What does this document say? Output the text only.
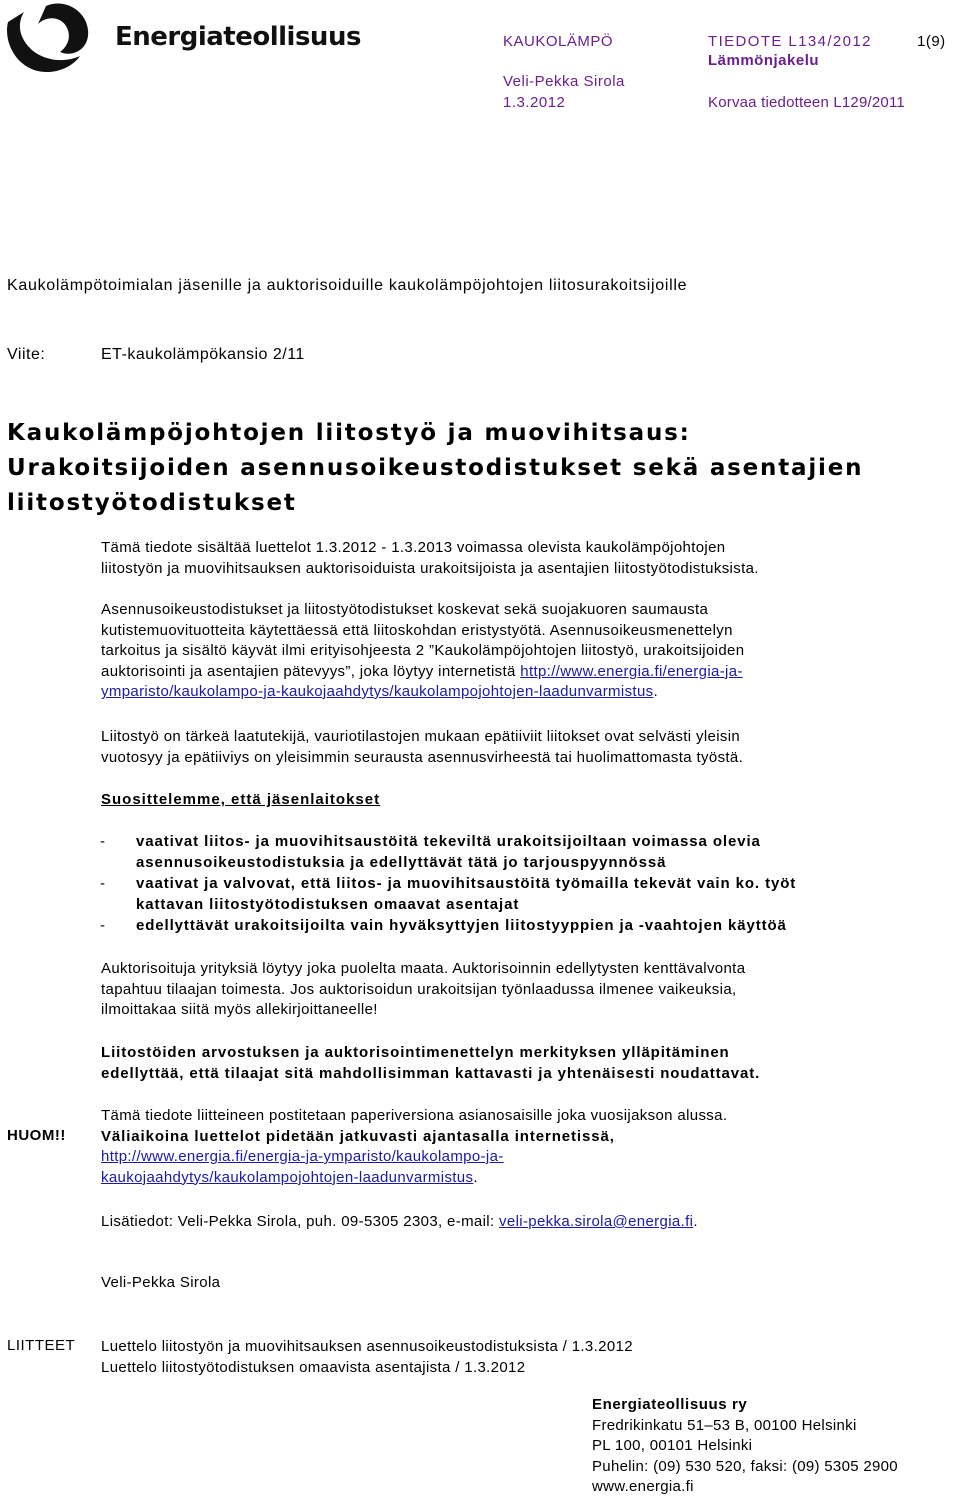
Energiateollisuus	KAUKOLÄMPÖ
Veli-Pekka Sirola
1.3.2012
TIEDOTE L134/2012	1(9)
Lämmönjakelu
Korvaa tiedotteen L129/2011
Kaukolämpötoimialan jäsenille ja auktorisoiduille kaukolämpöjohtojen liitosurakoitsijoille
Viite:	ET-kaukolämpökansio 2/11
Kaukolämpöjohtojen liitostyö ja muovihitsaus:
Urakoitsijoiden asennusoikeustodistukset sekä asentajien
liitostyötodistukset

Tämä tiedote sisältää luettelot 1.3.2012 - 1.3.2013 voimassa olevista kaukolämpöjohtojen

liitostyön ja muovihitsauksen auktorisoiduista urakoitsijoista ja asentajien liitostyötodistuksista.

Asennusoikeustodistukset ja liitostyötodistukset koskevat sekä suojakuoren saumausta

kutistemuovituotteita käytettäessä että liitoskohdan eristystyötä. Asennusoikeusmenettelyn

tarkoitus ja sisältö käyvät ilmi erityisohjeesta 2 ”Kaukolämpöjohtojen liitostyö, urakoitsijoiden

auktorisointi ja asentajien pätevyys”, joka löytyy internetistä http://www.energia.fi/energia-ja-

ymparisto/kaukolampo-ja-kaukojaahdytys/kaukolampojohtojen-laadunvarmistus.

Liitostyö on tärkeä laatutekijä, vauriotilastojen mukaan epätiiviit liitokset ovat selvästi yleisin

vuotosyy ja epätiiviys on yleisimmin seurausta asennusvirheestä tai huolimattomasta työstä.

Suosittelemme, että jäsenlaitokset
- vaativat liitos- ja muovihitsaustöitä tekeviltä urakoitsijoiltaan voimassa olevia
asennusoikeustodistuksia ja edellyttävät tätä jo tarjouspyynnössä
- vaativat ja valvovat, että liitos- ja muovihitsaustöitä työmailla tekevät vain ko. työt
kattavan liitostyötodistuksen omaavat asentajat
- edellyttävät urakoitsijoilta vain hyväksyttyjen liitostyyppien ja -vaahtojen käyttöä

Auktorisoituja yrityksiä löytyy joka puolelta maata. Auktorisoinnin edellytysten kenttävalvonta

tapahtuu tilaajan toimesta. Jos auktorisoidun urakoitsijan työnlaadussa ilmenee vaikeuksia,

ilmoittakaa siitä myös allekirjoittaneelle!

Liitostöiden arvostuksen ja auktorisointimenettelyn merkityksen ylläpitäminen

edellyttää, että tilaajat sitä mahdollisimman kattavasti ja yhtenäisesti noudattavat.

HUOM!!

Tämä tiedote liitteineen postitetaan paperiversiona asianosaisille joka vuosijakson alussa.

Väliaikoina luettelot pidetään jatkuvasti ajantasalla internetissä,

http://www.energia.fi/energia-ja-ymparisto/kaukolampo-ja-

kaukojaahdytys/kaukolampojohtojen-laadunvarmistus.

Lisätiedot: Veli-Pekka Sirola, puh. 09-5305 2303, e-mail: veli-pekka.sirola@energia.fi.

Veli-Pekka Sirola
LIITTEET Luettelo liitostyön ja muovihitsauksen asennusoikeustodistuksista / 1.3.2012

Luettelo liitostyötodistuksen omaavista asentajista / 1.3.2012

Energiateollisuus ry
Fredrikinkatu 51–53 B, 00100 Helsinki
PL 100, 00101 Helsinki
Puhelin: (09) 530 520, faksi: (09) 5305 2900
www.energia.fi
